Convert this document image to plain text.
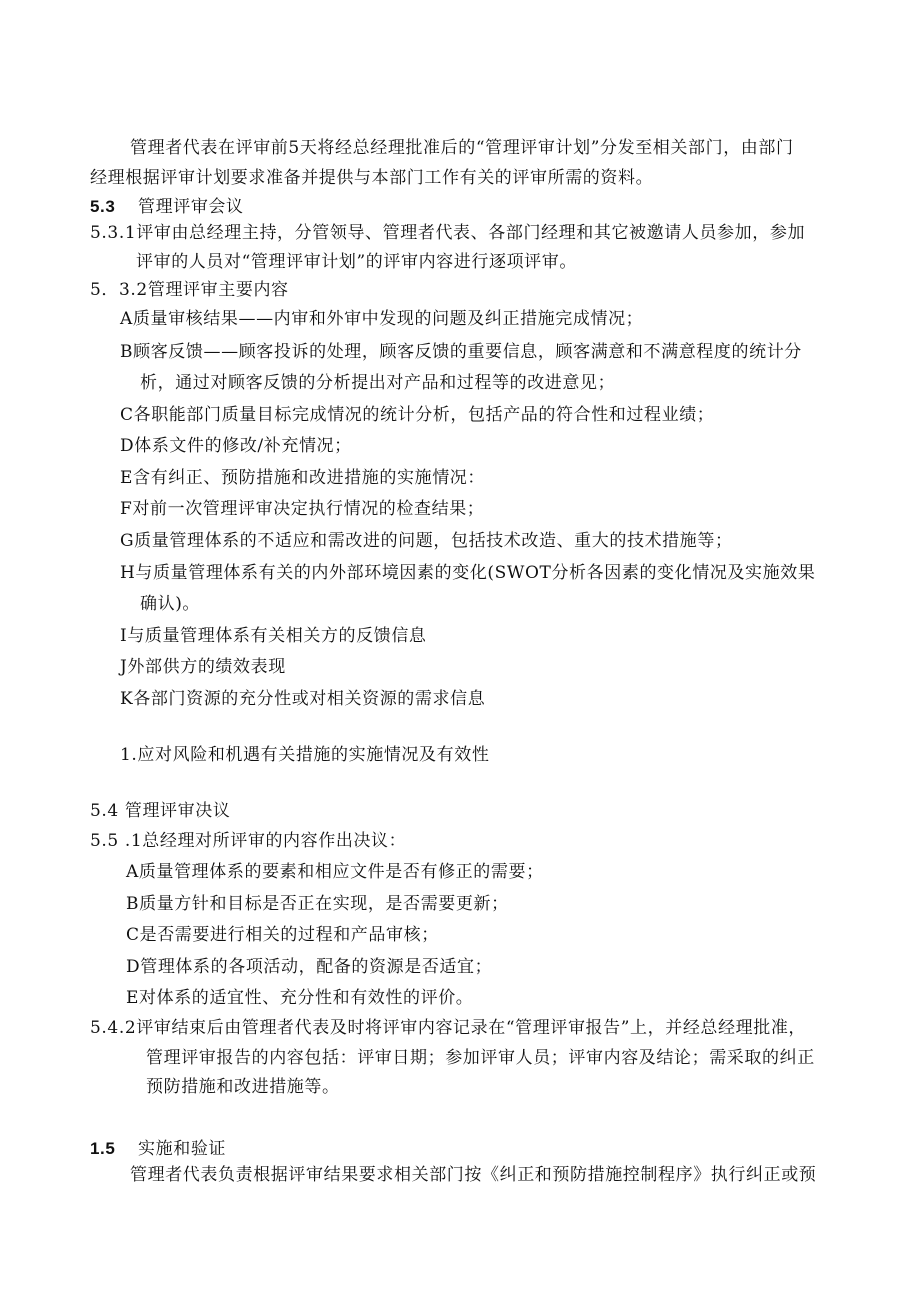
管理者代表在评审前5天将经总经理批准后的“管理评审计划”分发至相关部门，由部门
经理根据评审计划要求准备并提供与本部门工作有关的评审所需的资料。
5.3 管理评审会议
5.3.1评审由总经理主持，分管领导、管理者代表、各部门经理和其它被邀请人员参加，参加
评审的人员对“管理评审计划”的评审内容进行逐项评审。
5．3.2管理评审主要内容
A质量审核结果——内审和外审中发现的问题及纠正措施完成情况；
B顾客反馈——顾客投诉的处理，顾客反馈的重要信息，顾客满意和不满意程度的统计分
析，通过对顾客反馈的分析提出对产品和过程等的改进意见；
C各职能部门质量目标完成情况的统计分析，包括产品的符合性和过程业绩；
D体系文件的修改/补充情况；
E含有纠正、预防措施和改进措施的实施情况：
F对前一次管理评审决定执行情况的检查结果；
G质量管理体系的不适应和需改进的问题，包括技术改造、重大的技术措施等；
H与质量管理体系有关的内外部环境因素的变化(SWOT分析各因素的变化情况及实施效果
确认)。
I与质量管理体系有关相关方的反馈信息
J外部供方的绩效表现
K各部门资源的充分性或对相关资源的需求信息
1.应对风险和机遇有关措施的实施情况及有效性
5.4 管理评审决议
5.5 .1总经理对所评审的内容作出决议：
A质量管理体系的要素和相应文件是否有修正的需要；
B质量方针和目标是否正在实现，是否需要更新；
C是否需要进行相关的过程和产品审核；
D管理体系的各项活动，配备的资源是否适宜；
E对体系的适宜性、充分性和有效性的评价。
5.4.2评审结束后由管理者代表及时将评审内容记录在“管理评审报告”上，并经总经理批准，
管理评审报告的内容包括：评审日期；参加评审人员；评审内容及结论；需采取的纠正
预防措施和改进措施等。
1.5 实施和验证
管理者代表负责根据评审结果要求相关部门按《纠正和预防措施控制程序》执行纠正或预
